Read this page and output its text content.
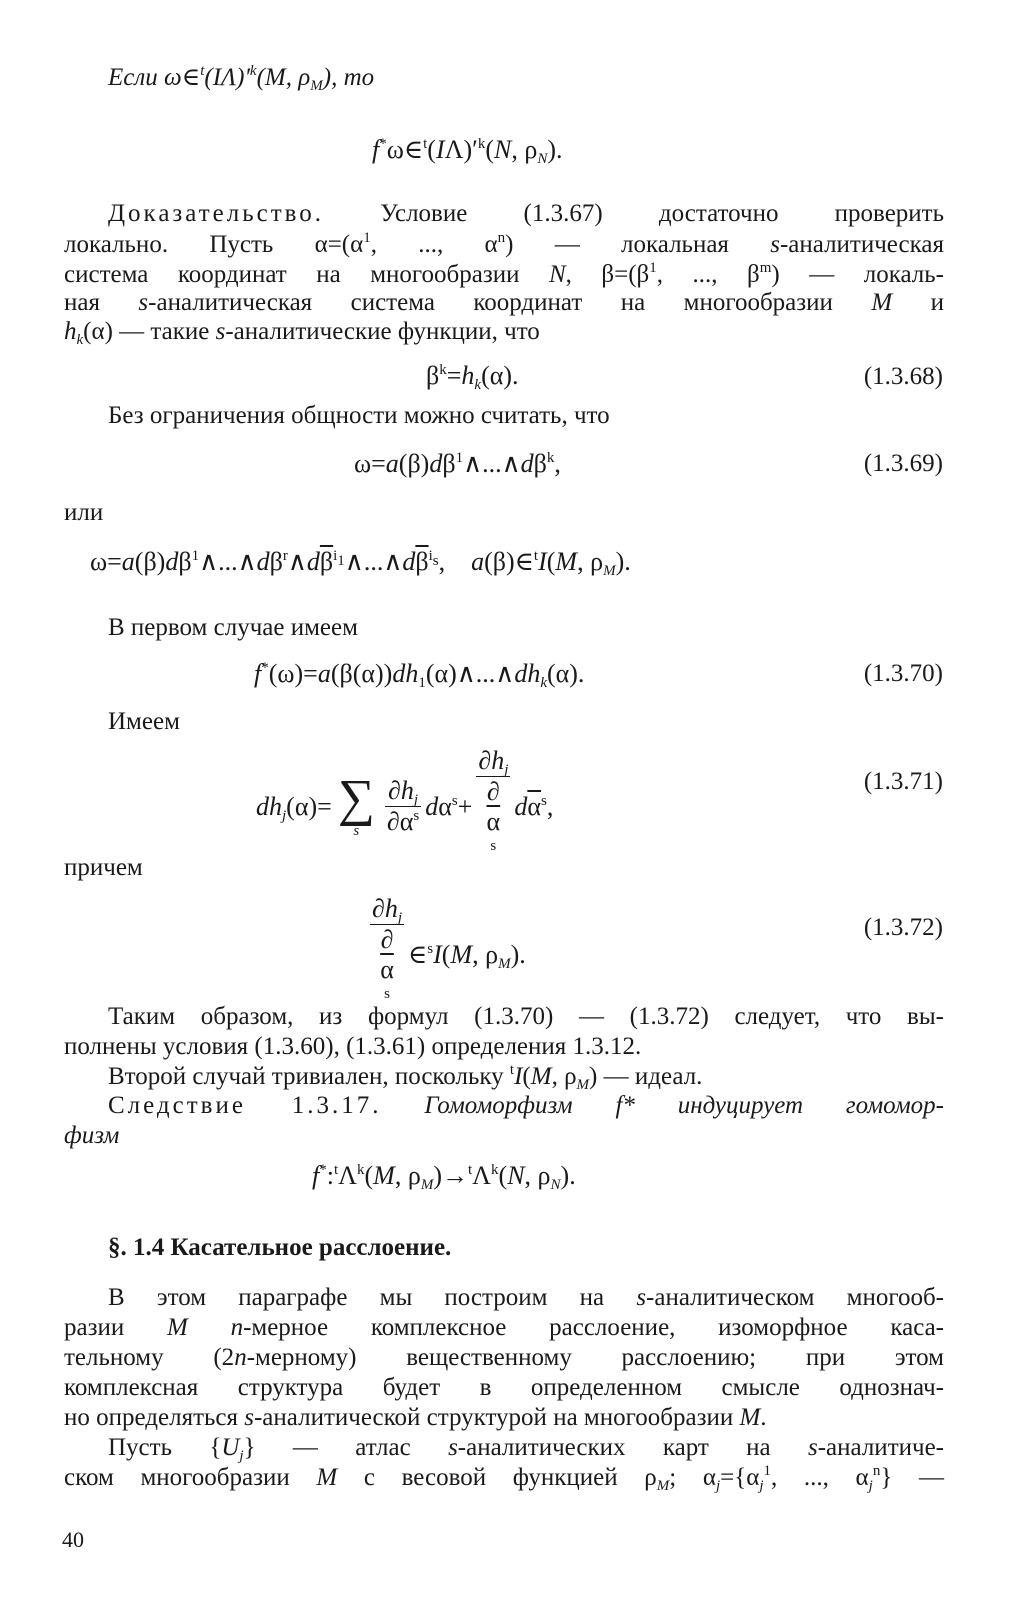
Если $\omega\in^t(I\Lambda)'^k(M$, $\rho_M$), то
$f^*\omega\in^t(I\Lambda)'^k(N$, $\rho_N$).
Доказательство. Условие (1.3.67) достаточно проверить
локально. Пусть $\alpha=(\alpha^1$, ..., $\alpha^n$) — локальная s-аналитическая
система координат на многообразии N, $\beta=(\beta^1$, ..., $\beta^m$) — локаль-
ная s-аналитическая система координат на многообразии M и
$h_k(\alpha)$ — такие s-аналитические функции, что
$\beta^k=h_k(\alpha)$.	(1.3.68)
Без ограничения общности можно считать, что
$\omega=a(\beta)d\beta^1\wedge...\wedge d\beta^k$,	(1.3.69)
или
$\omega=a(\beta)d\beta^1\wedge...\wedge d\beta^r\wedge d\overline{\beta}^{i_1}\wedge...\wedge d\overline{\beta}^{i_s}$,    a(β)∈$^t$I(M, $\rho_M$).
В первом случае имеем
$f^*(\omega)=a(\beta(\alpha))dh_1(\alpha)\wedge...\wedge dh_k(\alpha)$.	(1.3.70)
Имеем
$dh_j(\alpha)=$ ∑
s $\frac{\partial h_j}{\partial\alpha^s} d\alpha^s+ \partial h_j$
∂
$\overline{\alpha}$
$^s$ $d\overline{\alpha}^s$,
(1.3.71)
причем
$\partial h_j$
∂
$\overline{\alpha}$
$^s$ ∈$^s$I(M, $\rho_M$).
(1.3.72)
Таким образом, из формул (1.3.70) — (1.3.72) следует, что вы-
полнены условия (1.3.60), (1.3.61) определения 1.3.12.
Второй случай тривиален, поскольку $^t$I(M, $\rho_M$) — идеал.
Следствие 1.3.17. Гомоморфизм f* индуцирует гомомор-
физм
$f^*:^t\Lambda^k(M$, $\rho_M)\to^t\Lambda^k(N$, $\rho_N$).
§. 1.4 Касательное расслоение.
В этом параграфе мы построим на s-аналитическом многооб-
разии M n-мерное комплексное расслоение, изоморфное каса-
тельному (2n-мерному) вещественному расслоению; при этом
комплексная структура будет в определенном смысле однознач-
но определяться s-аналитической структурой на многообразии M.
Пусть $\{U_j\}$ — атлас s-аналитических карт на s-аналитиче-
ском многообразии M с весовой функцией $\rho_M$; $\alpha_j=\{\alpha_j^1$, ..., $\alpha_j^n$} —
40
